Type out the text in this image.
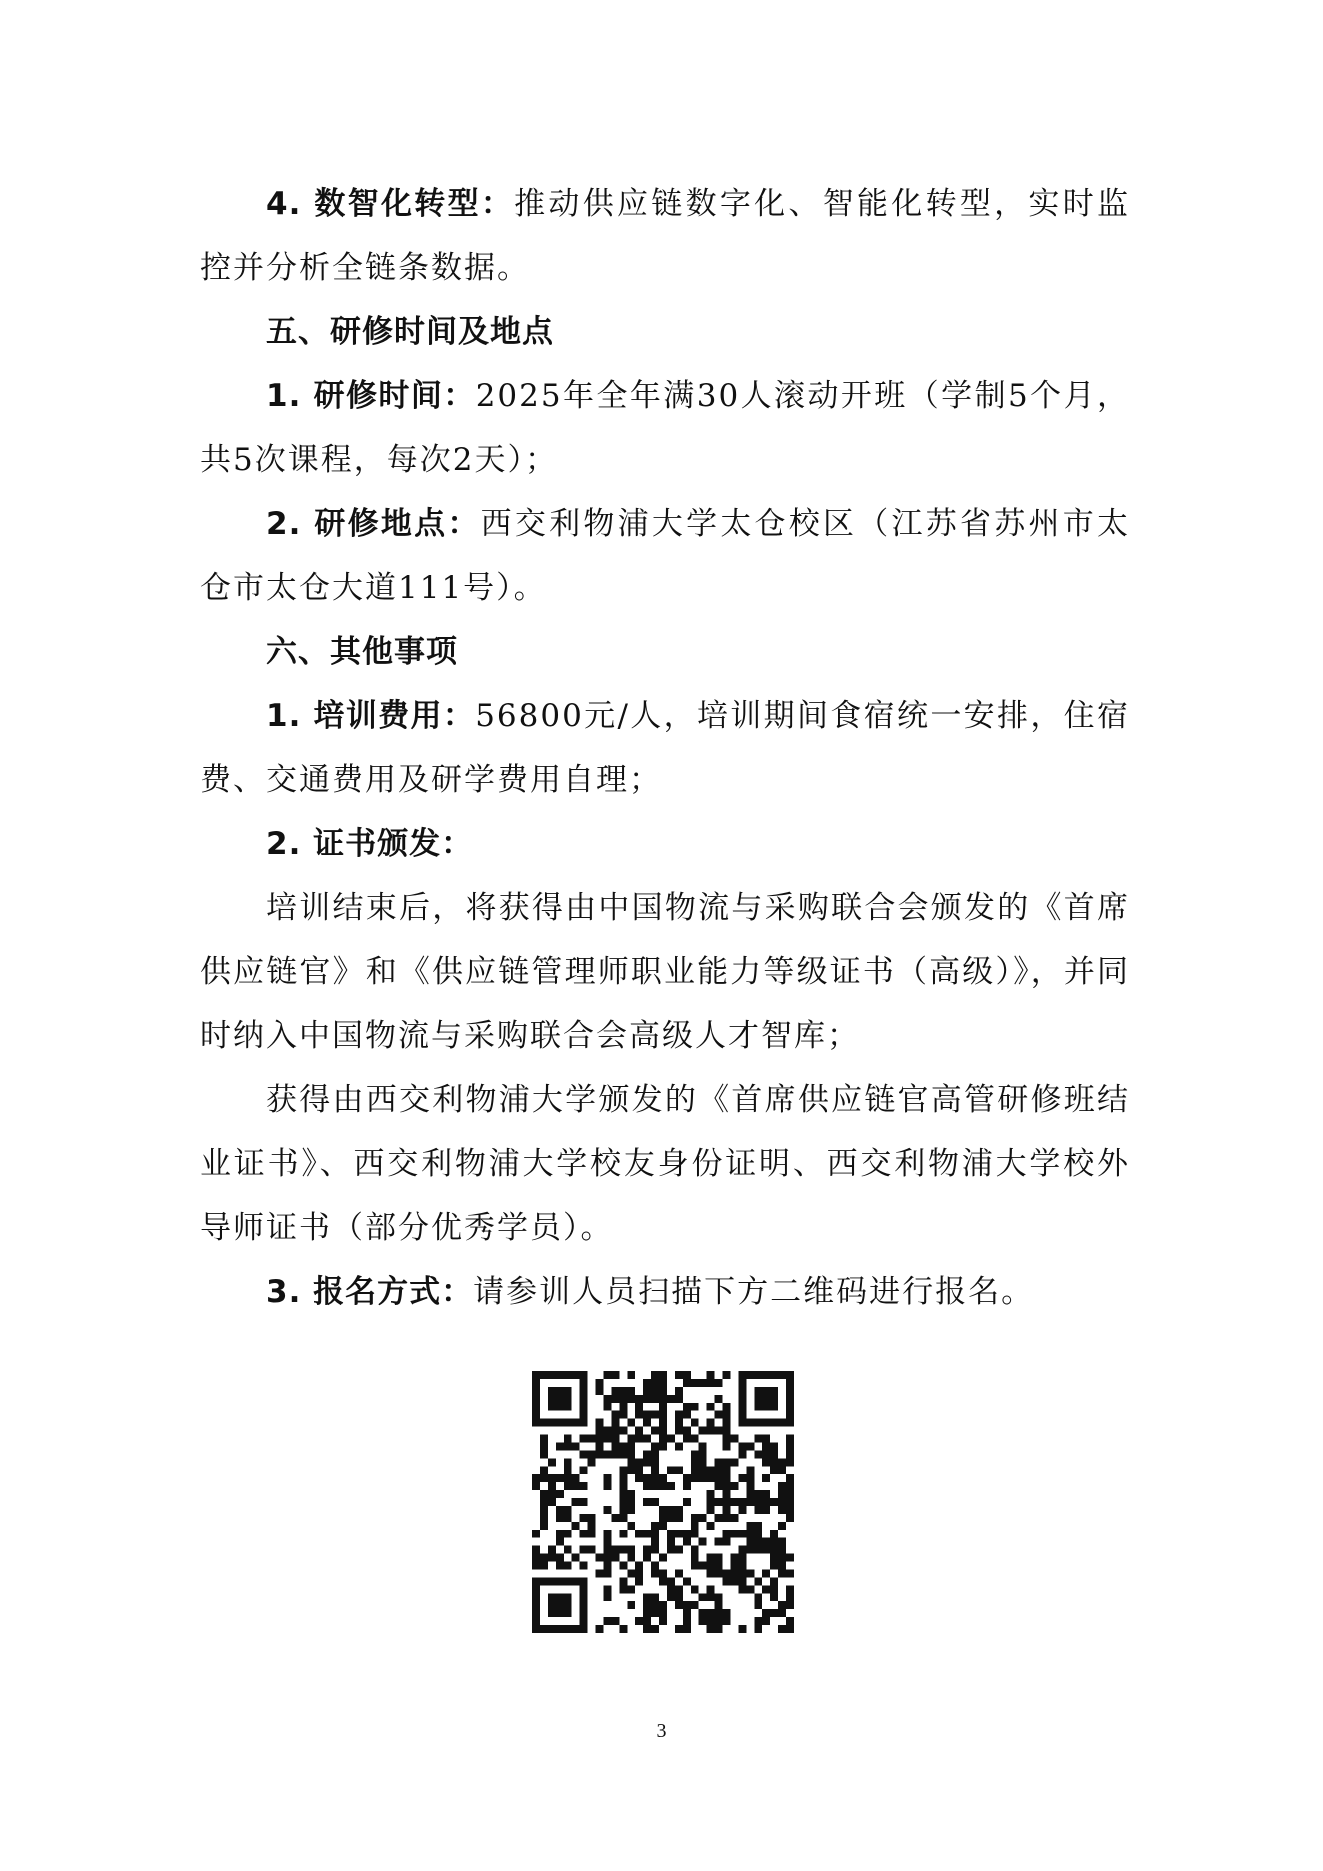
4. 数智化转型：推动供应链数字化、智能化转型，实时监控并分析全链条数据。

五、研修时间及地点

1. 研修时间：2025年全年满30人滚动开班（学制5个月，共5次课程，每次2天）；

2. 研修地点：西交利物浦大学太仓校区（江苏省苏州市太仓市太仓大道111号）。

六、其他事项

1. 培训费用：56800元/人，培训期间食宿统一安排，住宿费、交通费用及研学费用自理；

2. 证书颁发：

培训结束后，将获得由中国物流与采购联合会颁发的《首席供应链官》和《供应链管理师职业能力等级证书（高级）》，并同时纳入中国物流与采购联合会高级人才智库；

获得由西交利物浦大学颁发的《首席供应链官高管研修班结业证书》、西交利物浦大学校友身份证明、西交利物浦大学校外导师证书（部分优秀学员）。

3. 报名方式：请参训人员扫描下方二维码进行报名。

3
